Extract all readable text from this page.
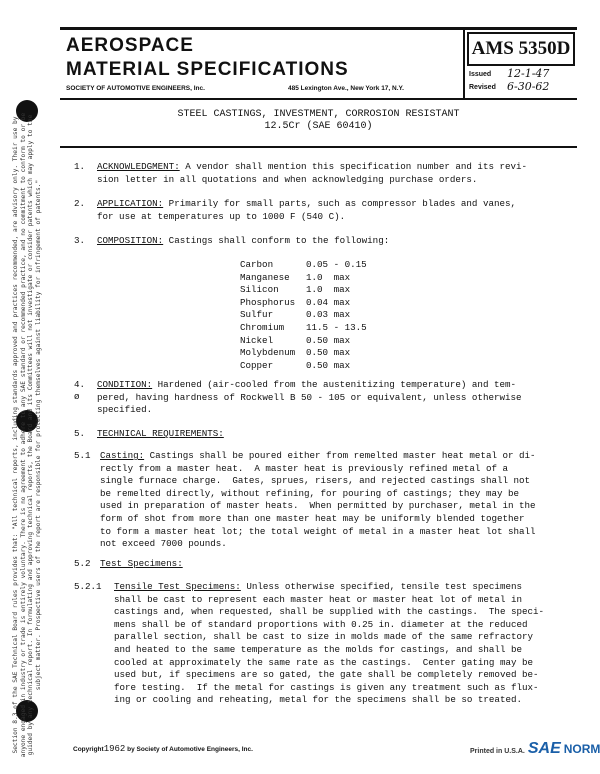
Section 8.3 of the SAE Technical Board rules provides that: "All technical reports, including standards approved and practices recommended, are advisory only. Their use by anyone engaged in industry or trade is entirely voluntary. There is no agreement to adhere to any SAE standard or recommended practice, and no commitment to conform to or be guided by any technical report. In formulating and approving technical reports, the Board and its Committees will not investigate or consider patents which may apply to the subject matter. Prospective users of the report are responsible for protecting themselves against liability for infringement of patents."
AEROSPACE
MATERIAL SPECIFICATIONS
SOCIETY OF AUTOMOTIVE ENGINEERS, Inc.	485 Lexington Ave., New York 17, N.Y.
AMS 5350D
Issued 12-1-47
Revised 6-30-62
STEEL CASTINGS, INVESTMENT, CORROSION RESISTANT
12.5Cr (SAE 60410)
1. ACKNOWLEDGMENT: A vendor shall mention this specification number and its revi-
sion letter in all quotations and when acknowledging purchase orders.
2. APPLICATION: Primarily for small parts, such as compressor blades and vanes,
for use at temperatures up to 1000 F (540 C).
3. COMPOSITION: Castings shall conform to the following:
Carbon	0.05 - 0.15
Manganese	1.0  max
Silicon	1.0  max
Phosphorus	0.04 max
Sulfur	0.03 max
Chromium	11.5 - 13.5
Nickel	0.50 max
Molybdenum	0.50 max
Copper	0.50 max
4.
ø
CONDITION: Hardened (air-cooled from the austenitizing temperature) and tem-
pered, having hardness of Rockwell B 50 - 105 or equivalent, unless otherwise
specified.
5. TECHNICAL REQUIREMENTS:
5.1 Casting: Castings shall be poured either from remelted master heat metal or di-
rectly from a master heat.  A master heat is previously refined metal of a
single furnace charge.  Gates, sprues, risers, and rejected castings shall not
be remelted directly, without refining, for pouring of castings; they may be
used in preparation of master heats.  When permitted by purchaser, metal in the
form of shot from more than one master heat may be uniformly blended together
to form a master heat lot; the total weight of metal in a master heat lot shall
not exceed 7000 pounds.
5.2 Test Specimens:
5.2.1 Tensile Test Specimens: Unless otherwise specified, tensile test specimens
shall be cast to represent each master heat or master heat lot of metal in
castings and, when requested, shall be supplied with the castings.  The speci-
mens shall be of standard proportions with 0.25 in. diameter at the reduced
parallel section, shall be cast to size in molds made of the same refractory
and heated to the same temperature as the molds for castings, and shall be
cooled at approximately the same rate as the castings.  Center gating may be
used but, if specimens are so gated, the gate shall be completely removed be-
fore testing.  If the metal for castings is given any treatment such as flux-
ing or cooling and reheating, metal for the specimens shall be so treated.
Copyright1962 by Society of Automotive Engineers, Inc.	Printed in U.S.A. SAE NORM
